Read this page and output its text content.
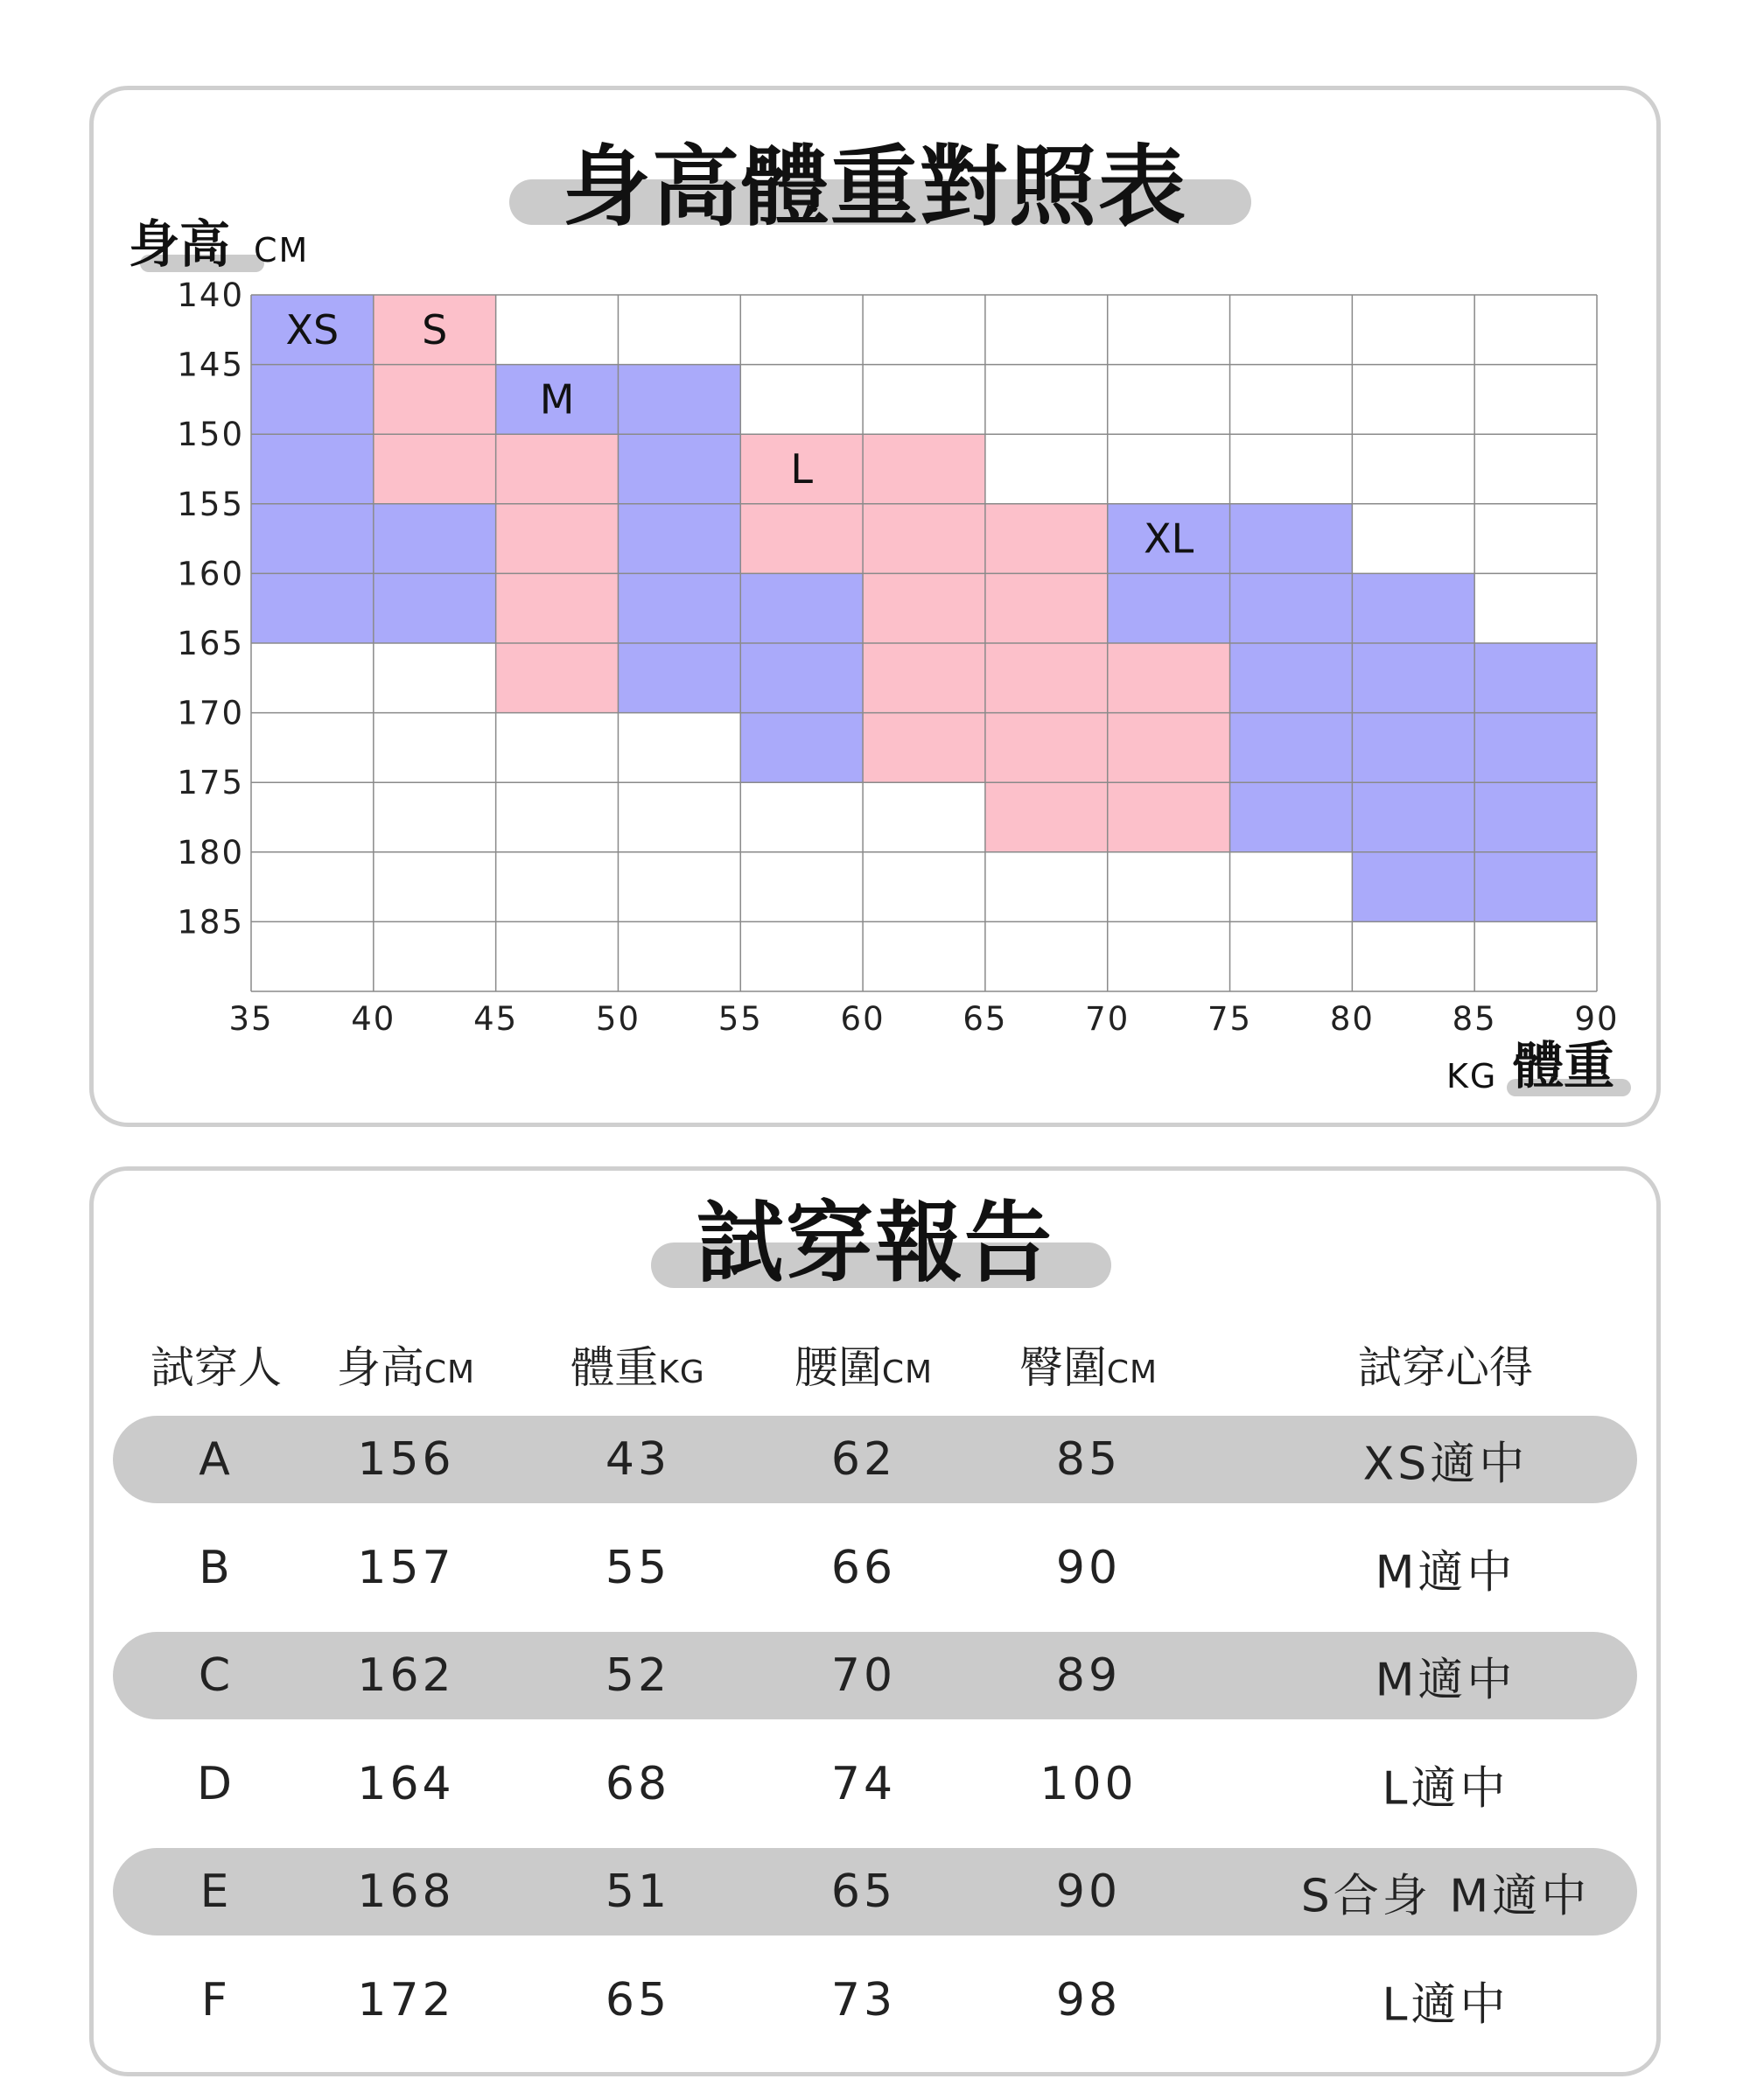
身高體重對照表
XS S
M
L
XL
35 40 45 50 55 60 65 70 75 80 85 90
140
145
150
155
160
165
170
175
180
185
身高 CM
KG 體重
試穿報告
試穿人 身高CM 體重KG 腰圍CM 臀圍CM	試穿心得
A	156	43	62	85	XS適中
B	157	55	66	90	M適中
C	162	52	70	89	M適中
D	164	68	74	100	L適中
E	168	51	65	90	S合身 M適中
F	172	65	73	98	L適中
